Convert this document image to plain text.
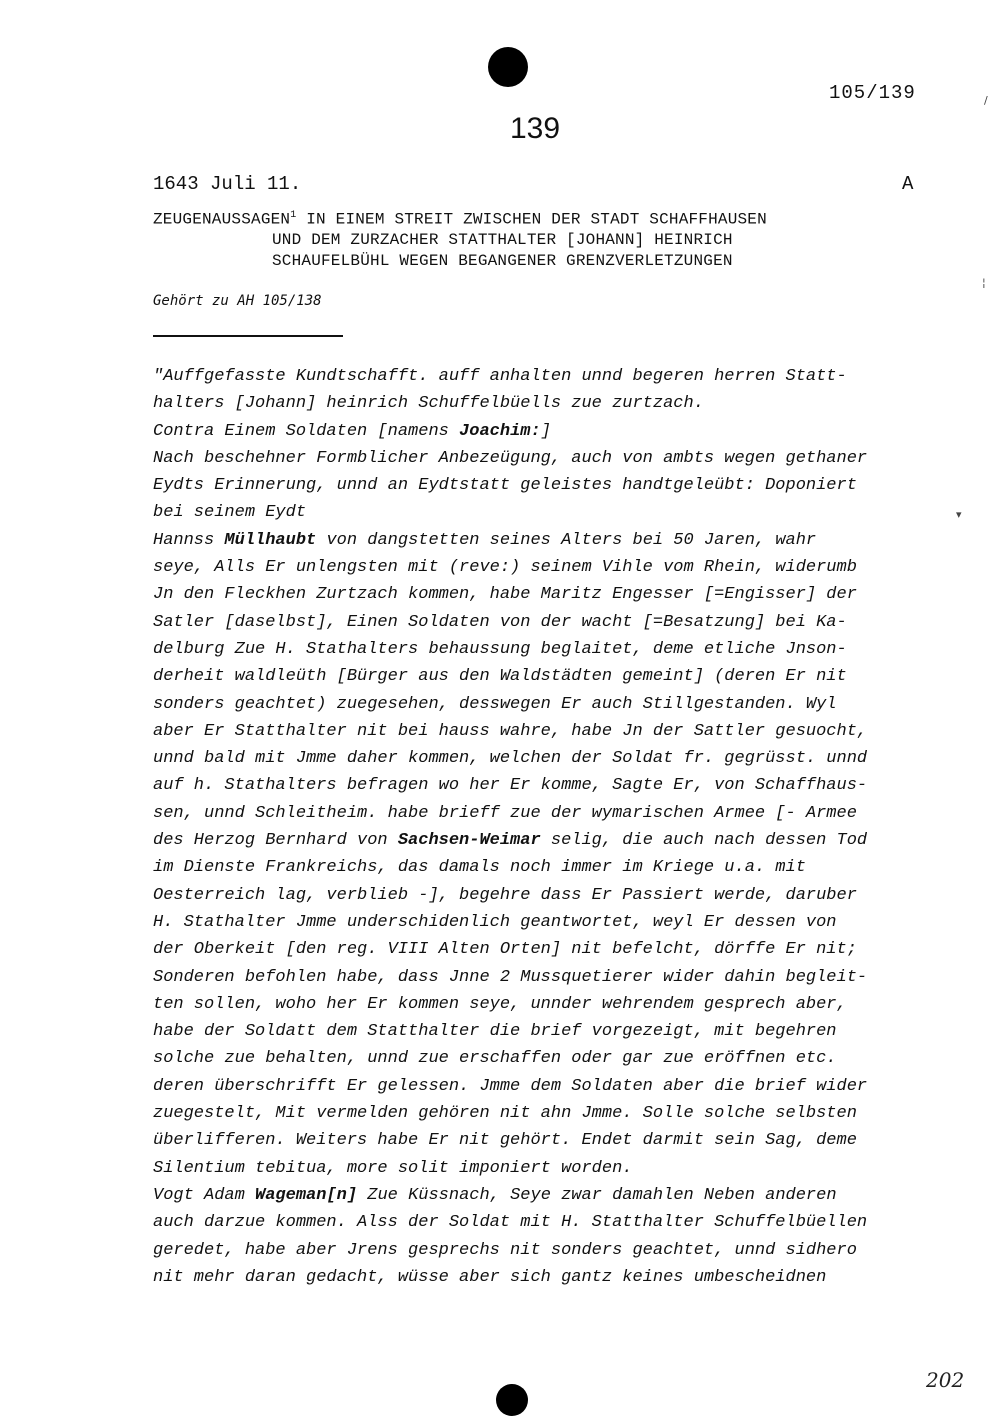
/
¦
▾
139
105/139
1643 Juli 11.	A
ZEUGENAUSSAGEN$^1$ IN EINEM STREIT ZWISCHEN DER STADT SCHAFFHAUSEN
UND DEM ZURZACHER STATTHALTER [JOHANN] HEINRICH
SCHAUFELBÜHL WEGEN BEGANGENER GRENZVERLETZUNGEN
Gehört zu AH 105/138
"Auffgefasste Kundtschafft. auff anhalten unnd begeren herren Statt-
halters [Johann] heinrich Schuffelbüells zue zurtzach.
Contra Einem Soldaten [namens Joachim:]
Nach beschehner Formblicher Anbezeügung, auch von ambts wegen gethaner
Eydts Erinnerung, unnd an Eydtstatt geleistes handtgeleübt: Doponiert
bei seinem Eydt
Hannss Müllhaubt von dangstetten seines Alters bei 50 Jaren, wahr
seye, Alls Er unlengsten mit (reve:) seinem Vihle vom Rhein, widerumb
Jn den Fleckhen Zurtzach kommen, habe Maritz Engesser [=Engisser] der
Satler [daselbst], Einen Soldaten von der wacht [=Besatzung] bei Ka-
delburg Zue H. Stathalters behaussung beglaitet, deme etliche Jnson-
derheit waldleüth [Bürger aus den Waldstädten gemeint] (deren Er nit
sonders geachtet) zuegesehen, desswegen Er auch Stillgestanden. Wyl
aber Er Statthalter nit bei hauss wahre, habe Jn der Sattler gesuocht,
unnd bald mit Jmme daher kommen, welchen der Soldat fr. gegrüsst. unnd
auf h. Stathalters befragen wo her Er komme, Sagte Er, von Schaffhaus-
sen, unnd Schleitheim. habe brieff zue der wymarischen Armee [- Armee
des Herzog Bernhard von Sachsen-Weimar selig, die auch nach dessen Tod
im Dienste Frankreichs, das damals noch immer im Kriege u.a. mit
Oesterreich lag, verblieb -], begehre dass Er Passiert werde, daruber
H. Stathalter Jmme underschidenlich geantwortet, weyl Er dessen von
der Oberkeit [den reg. VIII Alten Orten] nit befelcht, dörffe Er nit;
Sonderen befohlen habe, dass Jnne 2 Mussquetierer wider dahin begleit-
ten sollen, woho her Er kommen seye, unnder wehrendem gesprech aber,
habe der Soldatt dem Statthalter die brief vorgezeigt, mit begehren
solche zue behalten, unnd zue erschaffen oder gar zue eröffnen etc.
deren überschrifft Er gelessen. Jmme dem Soldaten aber die brief wider
zuegestelt, Mit vermelden gehören nit ahn Jmme. Solle solche selbsten
überlifferen. Weiters habe Er nit gehört. Endet darmit sein Sag, deme
Silentium tebitua, more solit imponiert worden.
Vogt Adam Wageman[n] Zue Küssnach, Seye zwar damahlen Neben anderen
auch darzue kommen. Alss der Soldat mit H. Statthalter Schuffelbüellen
geredet, habe aber Jrens gesprechs nit sonders geachtet, unnd sidhero
nit mehr daran gedacht, wüsse aber sich gantz keines umbescheidnen
202
